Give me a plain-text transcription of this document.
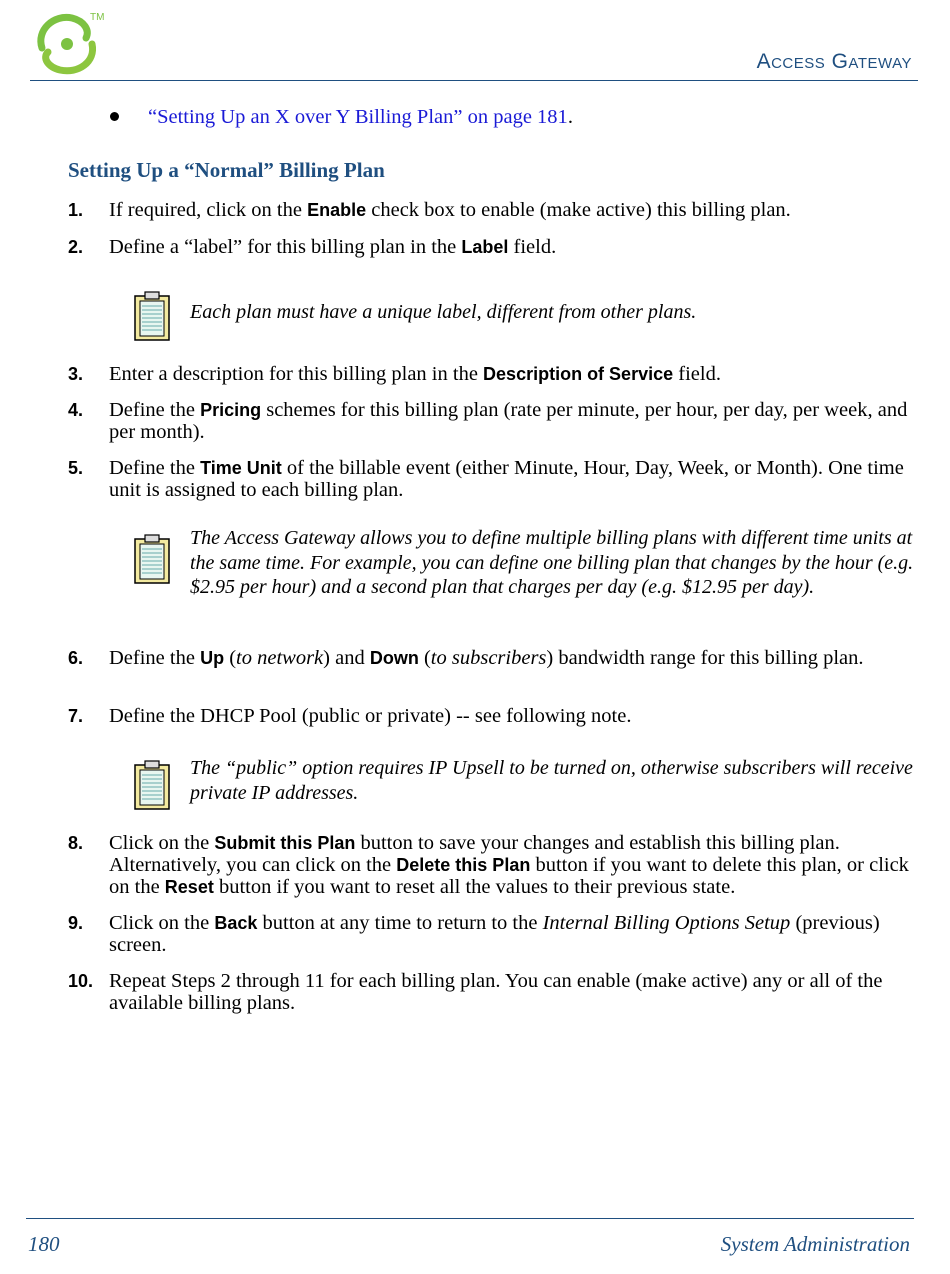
TM
Access Gateway
“Setting Up an X over Y Billing Plan” on page 181.
Setting Up a “Normal” Billing Plan
1. If required, click on the Enable check box to enable (make active) this billing plan.
2. Define a “label” for this billing plan in the Label field.
Each plan must have a unique label, different from other plans.
3. Enter a description for this billing plan in the Description of Service field.
4. Define the Pricing schemes for this billing plan (rate per minute, per hour, per day, per week, and per month).
5. Define the Time Unit of the billable event (either Minute, Hour, Day, Week, or Month). One time unit is assigned to each billing plan.
The Access Gateway allows you to define multiple billing plans with different time units at the same time. For example, you can define one billing plan that changes by the hour (e.g. $2.95 per hour) and a second plan that charges per day (e.g. $12.95 per day).
6. Define the Up (to network) and Down (to subscribers) bandwidth range for this billing plan.
7. Define the DHCP Pool (public or private) -- see following note.
The “public” option requires IP Upsell to be turned on, otherwise subscribers will receive private IP addresses.
8. Click on the Submit this Plan button to save your changes and establish this billing plan. Alternatively, you can click on the Delete this Plan button if you want to delete this plan, or click on the Reset button if you want to reset all the values to their previous state.
9. Click on the Back button at any time to return to the Internal Billing Options Setup (previous) screen.
10. Repeat Steps 2 through 11 for each billing plan. You can enable (make active) any or all of the available billing plans.
180	System Administration
